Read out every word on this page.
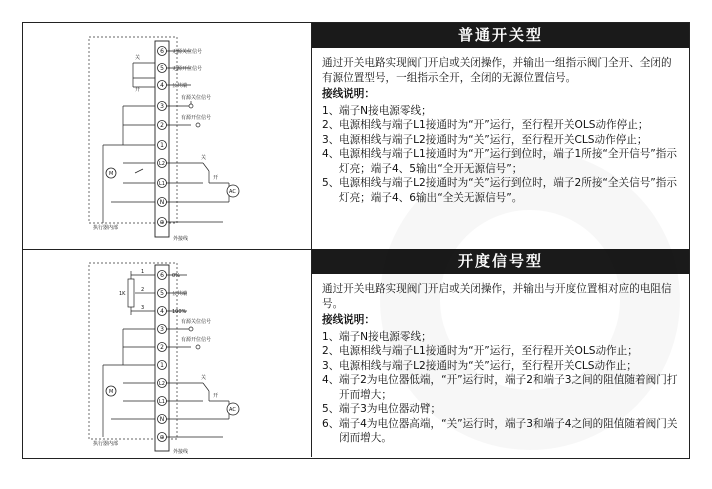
6
5
4
3
2
1
L2
L1
N
⊕
AC
M
无源关位信号
无源开位信号
公共端
有源关位信号
有源开位信号
关
开
关
开
执行器内部
外接线
普通开关型

通过开关电路实现阀门开启或关闭操作，并输出一组指示阀门全开、全闭的有源位置型号，一组指示全开，全闭的无源位置信号。

接线说明：

1、 端子N接电源零线；
2、 电源相线与端子L1接通时为“开”运行，至行程开关OLS动作停止；
3、 电源相线与端子L2接通时为“关”运行，至行程开关CLS动作停止；
4、 电源相线与端子L1接通时为“开”运行到位时，端子1所接“全开信号”指示灯亮；端子4、5输出“全开无源信号”；
5、 电源相线与端子L2接通时为“关”运行到位时，端子2所接“全关信号”指示灯亮；端子4、6输出“全关无源信号”。
6
5
4
3
2
1
L2
L1
N
⊕
M
AC
1
2
3
1K
0%
公共端
100%
有源关位信号
有源开位信号
关
开
执行器内部
外接线
开度信号型

通过开关电路实现阀门开启或关闭操作，并输出与开度位置相对应的电阻信号。

接线说明：

1、 端子N接电源零线；
2、 电源相线与端子L1接通时为“开”运行，至行程开关OLS动作止；
3、 电源相线与端子L2接通时为“关”运行，至行程开关CLS动作止；
4、 端子2为电位器低端，“开”运行时，端子2和端子3之间的阻值随着阀门打开而增大；
5、 端子3为电位器动臂；
6、 端子4为电位器高端，“关”运行时，端子3和端子4之间的阻值随着阀门关闭而增大。
